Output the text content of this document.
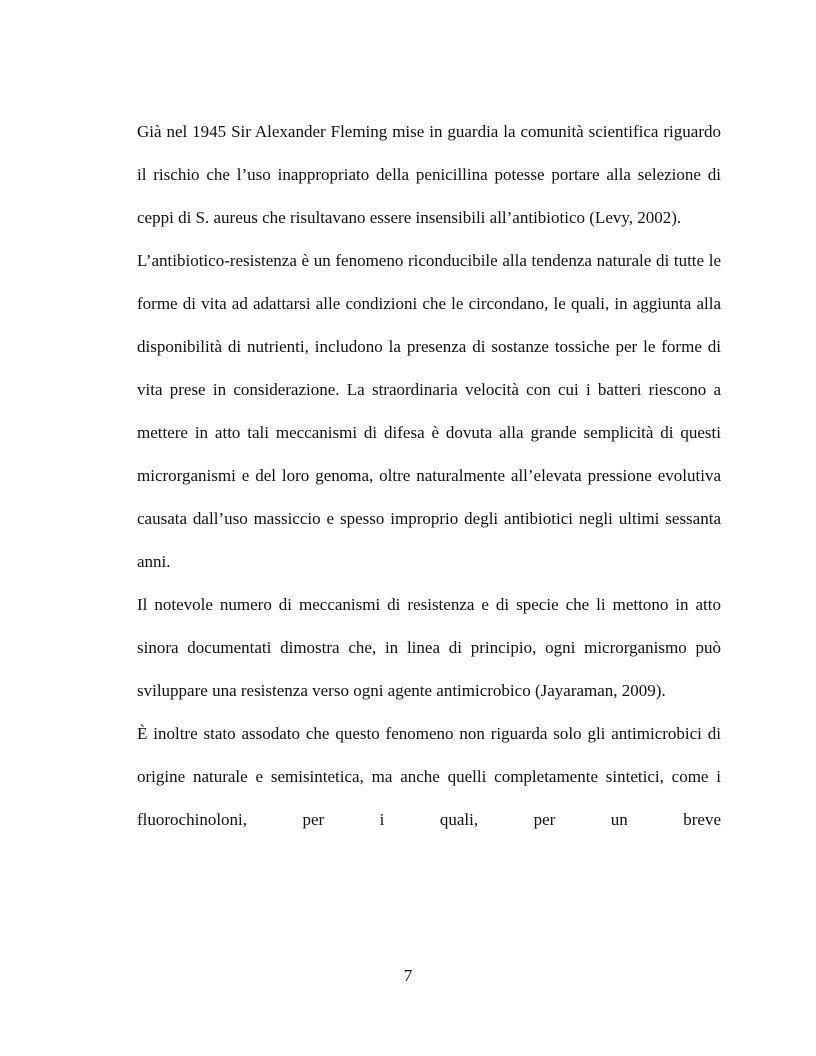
Già nel 1945 Sir Alexander Fleming mise in guardia la comunità scientifica riguardo il rischio che l’uso inappropriato della penicillina potesse portare alla selezione di ceppi di S. aureus che risultavano essere insensibili all’antibiotico (Levy, 2002).

L’antibiotico-resistenza è un fenomeno riconducibile alla tendenza naturale di tutte le forme di vita ad adattarsi alle condizioni che le circondano, le quali, in aggiunta alla disponibilità di nutrienti, includono la presenza di sostanze tossiche per le forme di vita prese in considerazione. La straordinaria velocità con cui i batteri riescono a mettere in atto tali meccanismi di difesa è dovuta alla grande semplicità di questi microrganismi e del loro genoma, oltre naturalmente all’elevata pressione evolutiva causata dall’uso massiccio e spesso improprio degli antibiotici negli ultimi sessanta anni.

Il notevole numero di meccanismi di resistenza e di specie che li mettono in atto sinora documentati dimostra che, in linea di principio, ogni microrganismo può sviluppare una resistenza verso ogni agente antimicrobico (Jayaraman, 2009).

È inoltre stato assodato che questo fenomeno non riguarda solo gli antimicrobici di origine naturale e semisintetica, ma anche quelli completamente sintetici, come i fluorochinoloni, per i quali, per un breve

7
